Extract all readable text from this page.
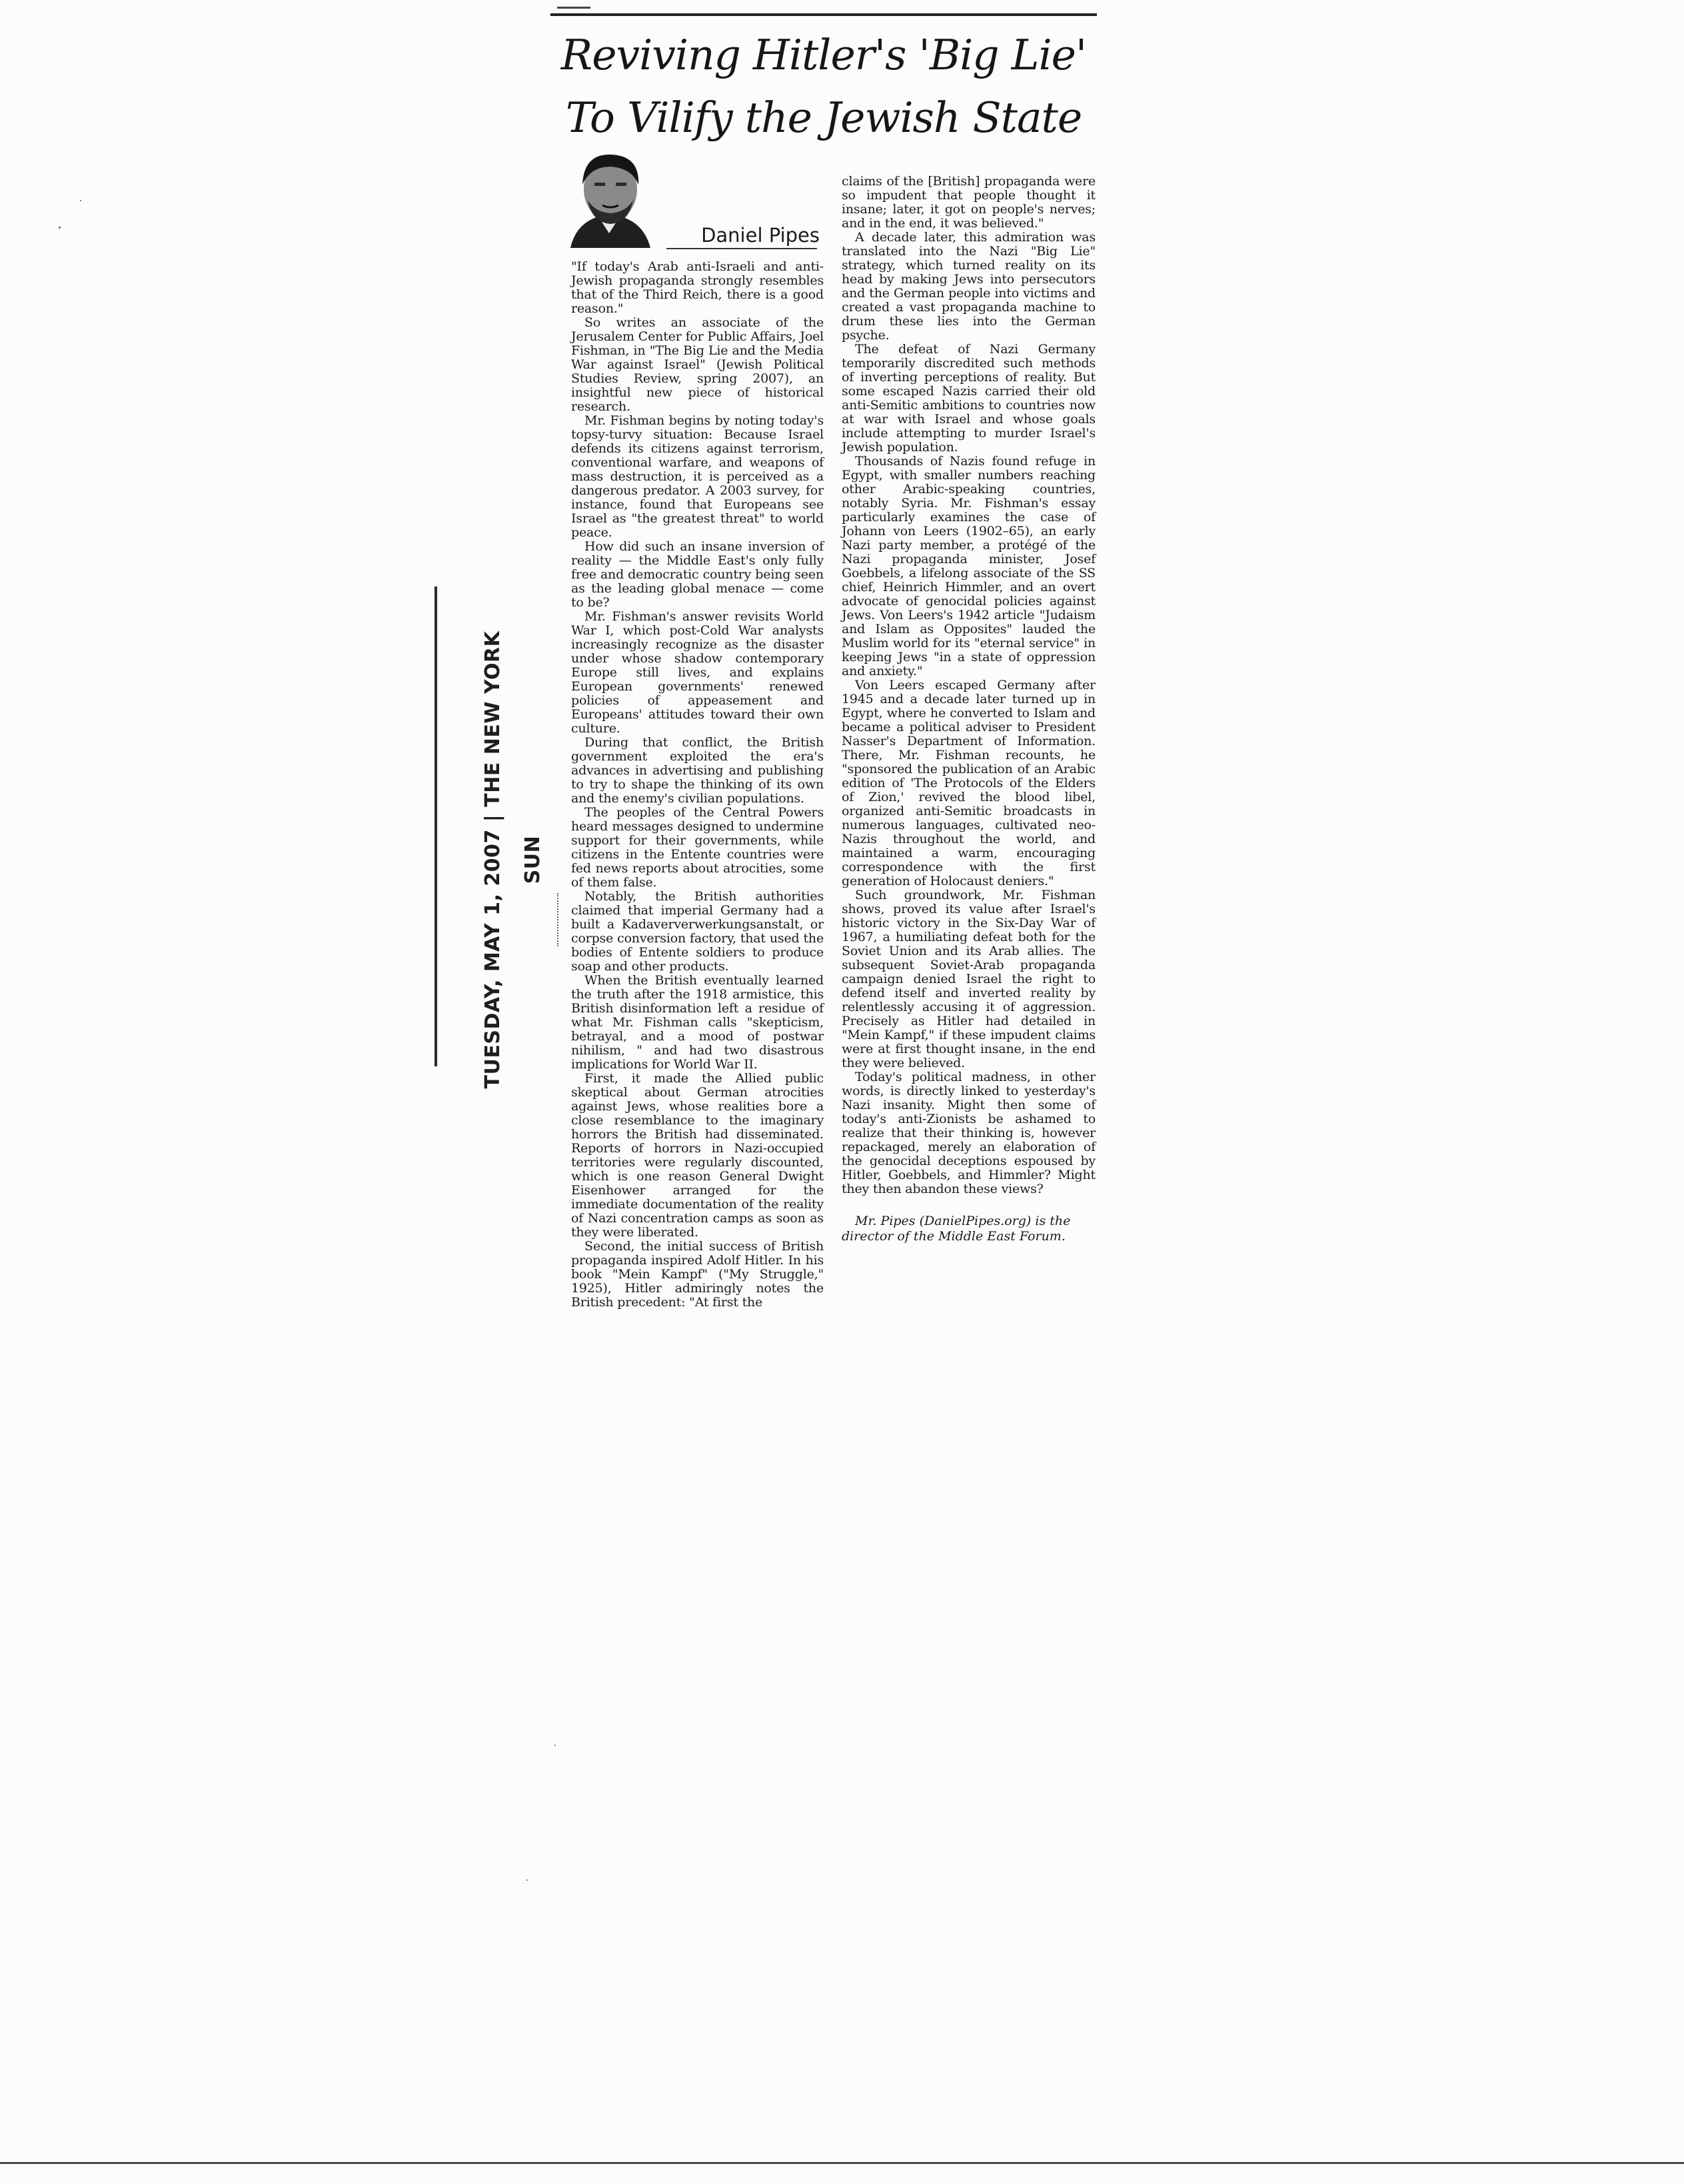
Reviving Hitler's 'Big Lie'
To Vilify the Jewish State

TUESDAY, MAY 1, 2007 | THE NEW YORK SUN

Daniel Pipes

"If today's Arab anti-Israeli and anti-Jewish propaganda strongly resembles that of the Third Reich, there is a good reason."

So writes an associate of the Jerusalem Center for Public Affairs, Joel Fishman, in "The Big Lie and the Media War against Israel" (Jewish Political Studies Review, spring 2007), an insightful new piece of historical research.

Mr. Fishman begins by noting today's topsy-turvy situation: Because Israel defends its citizens against terrorism, conventional warfare, and weapons of mass destruction, it is perceived as a dangerous predator. A 2003 survey, for instance, found that Europeans see Israel as "the greatest threat" to world peace.

How did such an insane inversion of reality — the Middle East's only fully free and democratic country being seen as the leading global menace — come to be?

Mr. Fishman's answer revisits World War I, which post-Cold War analysts increasingly recognize as the disaster under whose shadow contemporary Europe still lives, and explains European governments' renewed policies of appeasement and Europeans' attitudes toward their own culture.

During that conflict, the British government exploited the era's advances in advertising and publishing to try to shape the thinking of its own and the enemy's civilian populations.

The peoples of the Central Powers heard messages designed to undermine support for their governments, while citizens in the Entente countries were fed news reports about atrocities, some of them false.

Notably, the British authorities claimed that imperial Germany had a built a Kadaververwerkungsanstalt, or corpse conversion factory, that used the bodies of Entente soldiers to produce soap and other products.

When the British eventually learned the truth after the 1918 armistice, this British disinformation left a residue of what Mr. Fishman calls "skepticism, betrayal, and a mood of postwar nihilism, " and had two disastrous implications for World War II.

First, it made the Allied public skeptical about German atrocities against Jews, whose realities bore a close resemblance to the imaginary horrors the British had disseminated. Reports of horrors in Nazi-occupied territories were regularly discounted, which is one reason General Dwight Eisenhower arranged for the immediate documentation of the reality of Nazi concentration camps as soon as they were liberated.

Second, the initial success of British propaganda inspired Adolf Hitler. In his book "Mein Kampf" ("My Struggle," 1925), Hitler admiringly notes the British precedent: "At first the

claims of the [British] propaganda were so impudent that people thought it insane; later, it got on people's nerves; and in the end, it was believed."

A decade later, this admiration was translated into the Nazi "Big Lie" strategy, which turned reality on its head by making Jews into persecutors and the German people into victims and created a vast propaganda machine to drum these lies into the German psyche.

The defeat of Nazi Germany temporarily discredited such methods of inverting perceptions of reality. But some escaped Nazis carried their old anti-Semitic ambitions to countries now at war with Israel and whose goals include attempting to murder Israel's Jewish population.

Thousands of Nazis found refuge in Egypt, with smaller numbers reaching other Arabic-speaking countries, notably Syria. Mr. Fishman's essay particularly examines the case of Johann von Leers (1902–65), an early Nazi party member, a protégé of the Nazi propaganda minister, Josef Goebbels, a lifelong associate of the SS chief, Heinrich Himmler, and an overt advocate of genocidal policies against Jews. Von Leers's 1942 article "Judaism and Islam as Opposites" lauded the Muslim world for its "eternal service" in keeping Jews "in a state of oppression and anxiety."

Von Leers escaped Germany after 1945 and a decade later turned up in Egypt, where he converted to Islam and became a political adviser to President Nasser's Department of Information. There, Mr. Fishman recounts, he "sponsored the publication of an Arabic edition of 'The Protocols of the Elders of Zion,' revived the blood libel, organized anti-Semitic broadcasts in numerous languages, cultivated neo-Nazis throughout the world, and maintained a warm, encouraging correspondence with the first generation of Holocaust deniers."

Such groundwork, Mr. Fishman shows, proved its value after Israel's historic victory in the Six-Day War of 1967, a humiliating defeat both for the Soviet Union and its Arab allies. The subsequent Soviet-Arab propaganda campaign denied Israel the right to defend itself and inverted reality by relentlessly accusing it of aggression. Precisely as Hitler had detailed in "Mein Kampf," if these impudent claims were at first thought insane, in the end they were believed.

Today's political madness, in other words, is directly linked to yesterday's Nazi insanity. Might then some of today's anti-Zionists be ashamed to realize that their thinking is, however repackaged, merely an elaboration of the genocidal deceptions espoused by Hitler, Goebbels, and Himmler? Might they then abandon these views?

Mr. Pipes (DanielPipes.org) is the director of the Middle East Forum.
